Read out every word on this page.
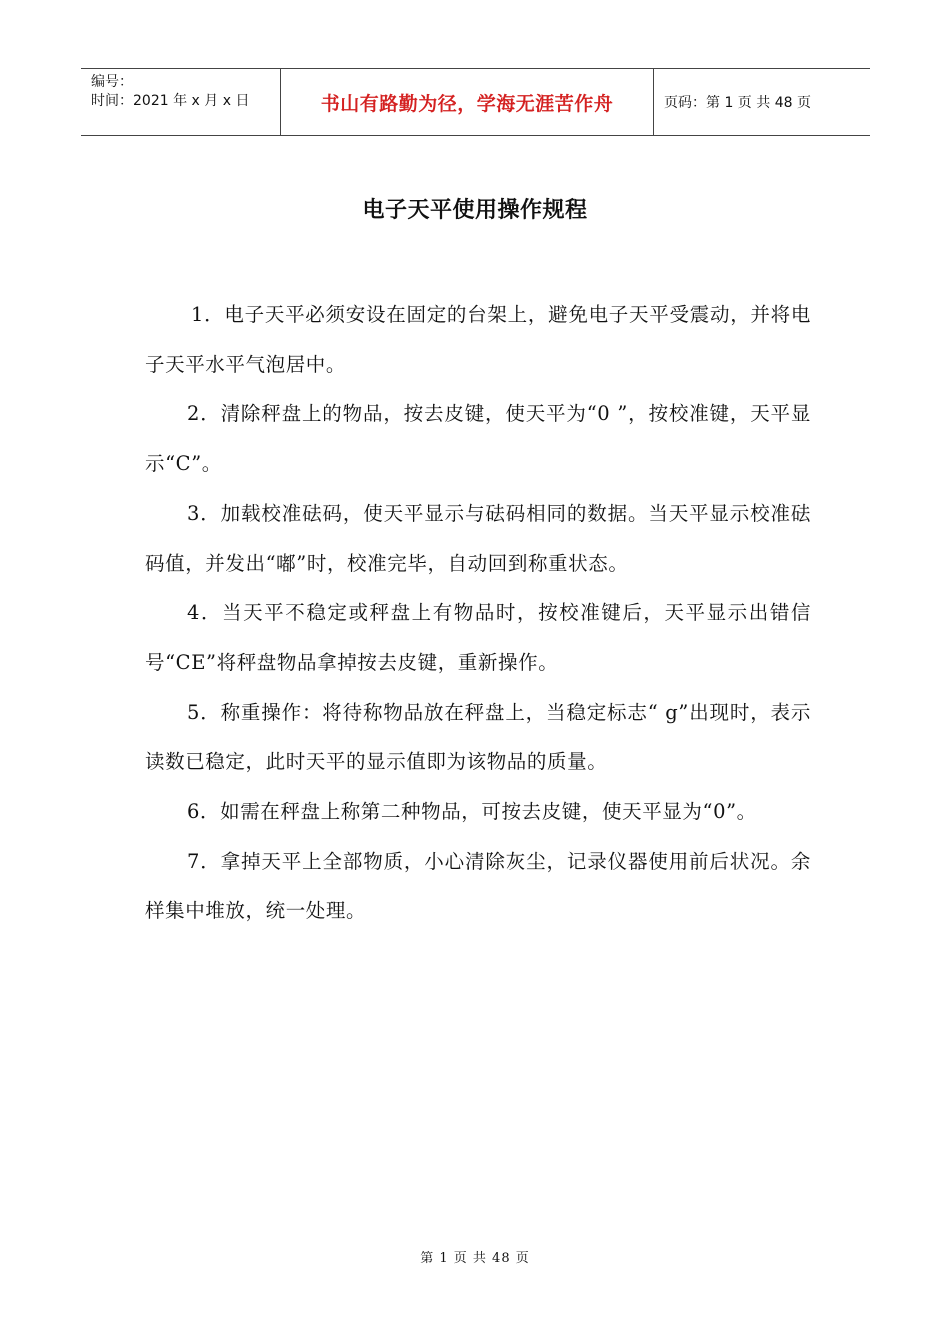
编号：
时间：2021 年 x 月 x 日	书山有路勤为径，学海无涯苦作舟	页码：第 1 页 共 48 页
电子天平使用操作规程

1．电子天平必须安设在固定的台架上，避免电子天平受震动，并将电子天平水平气泡居中。

2．清除秤盘上的物品，按去皮键，使天平为“0 ”，按校准键，天平显示“C”。

3．加载校准砝码，使天平显示与砝码相同的数据。当天平显示校准砝码值，并发出“嘟”时，校准完毕，自动回到称重状态。

4．当天平不稳定或秤盘上有物品时，按校准键后，天平显示出错信号“CE”将秤盘物品拿掉按去皮键，重新操作。

5．称重操作：将待称物品放在秤盘上，当稳定标志“ g”出现时，表示读数已稳定，此时天平的显示值即为该物品的质量。

6．如需在秤盘上称第二种物品，可按去皮键，使天平显为“0”。

7．拿掉天平上全部物质，小心清除灰尘，记录仪器使用前后状况。余样集中堆放，统一处理。

第 1 页 共 48 页
